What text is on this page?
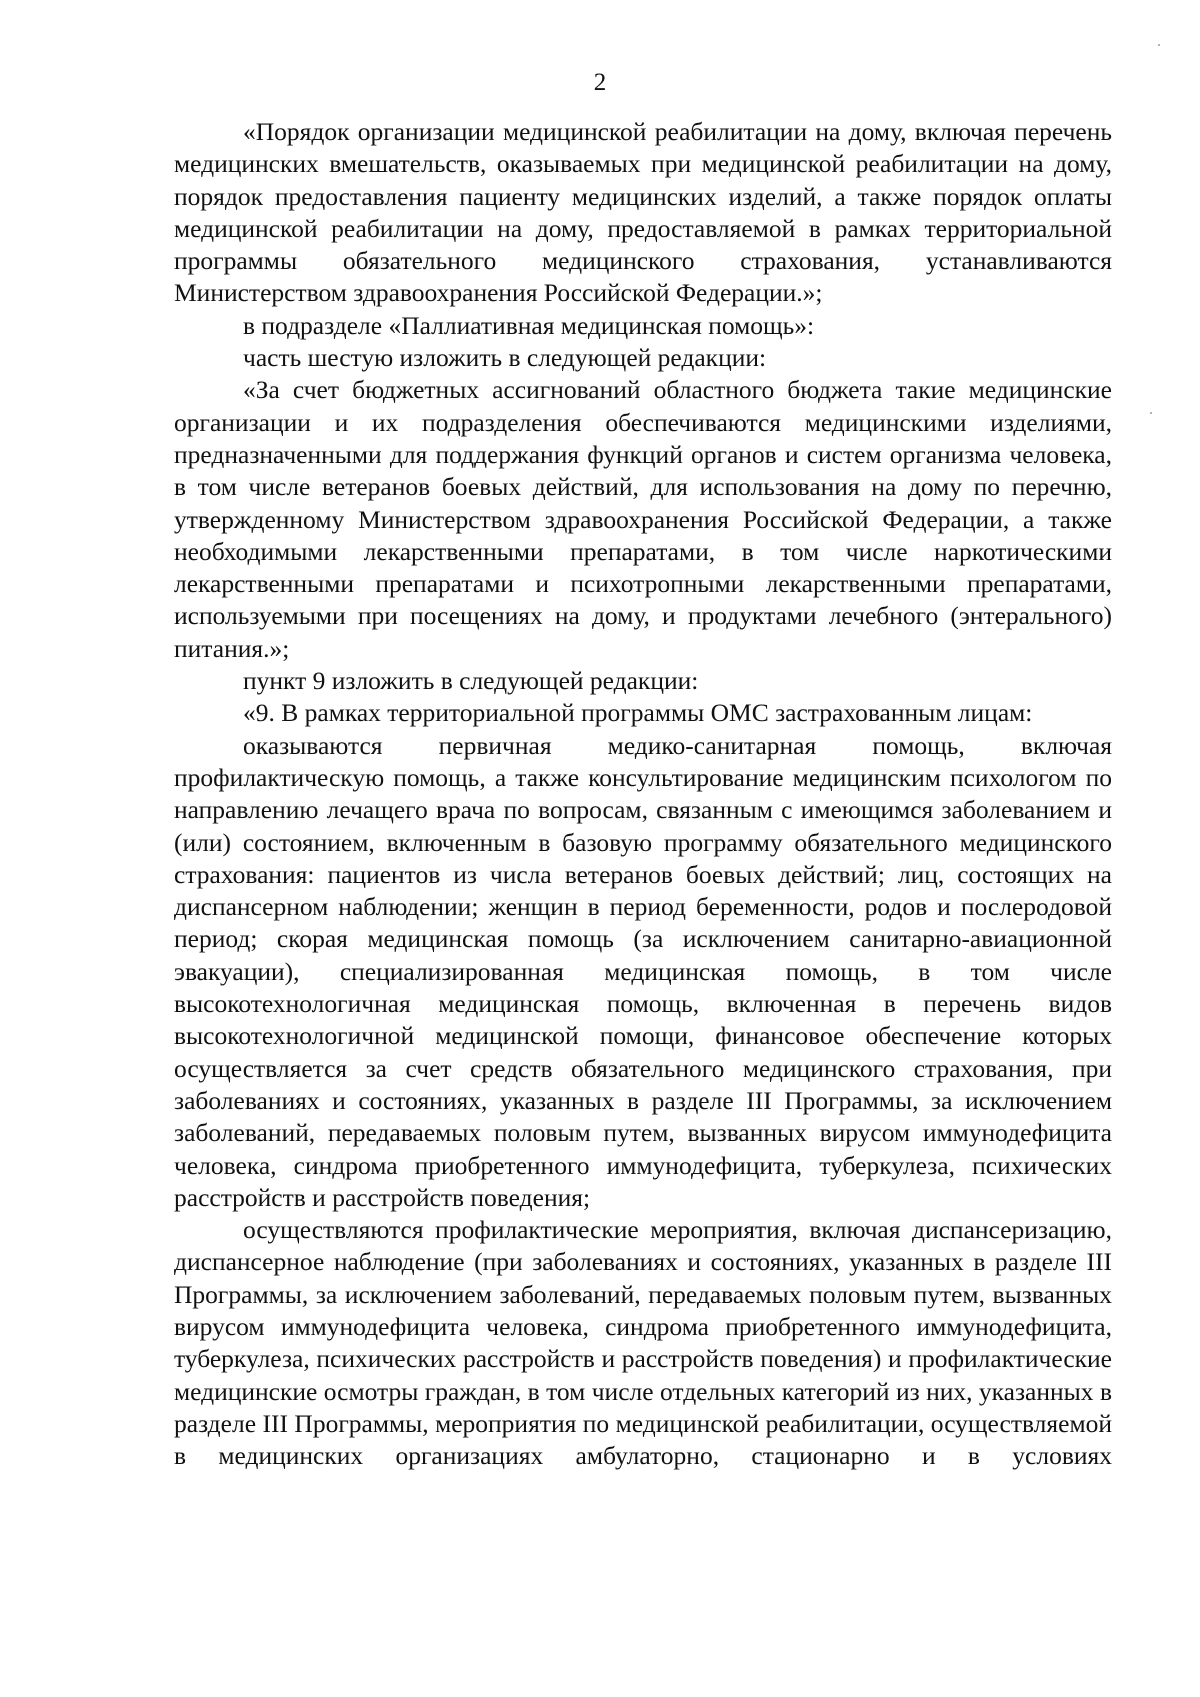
2

«Порядок организации медицинской реабилитации на дому, включая перечень медицинских вмешательств, оказываемых при медицинской реабилитации на дому, порядок предоставления пациенту медицинских изделий, а также порядок оплаты медицинской реабилитации на дому, предоставляемой в рамках территориальной программы обязательного медицинского страхования, устанавливаются Министерством здравоохранения Российской Федерации.»;

в подразделе «Паллиативная медицинская помощь»:

часть шестую изложить в следующей редакции:

«За счет бюджетных ассигнований областного бюджета такие медицинские организации и их подразделения обеспечиваются медицинскими изделиями, предназначенными для поддержания функций органов и систем организма человека, в том числе ветеранов боевых действий, для использования на дому по перечню, утвержденному Министерством здравоохранения Российской Федерации, а также необходимыми лекарственными препаратами, в том числе наркотическими лекарственными препаратами и психотропными лекарственными препаратами, используемыми при посещениях на дому, и продуктами лечебного (энтерального) питания.»;

пункт 9 изложить в следующей редакции:

«9. В рамках территориальной программы ОМС застрахованным лицам:

оказываются первичная медико-санитарная помощь, включая профилактическую помощь, а также консультирование медицинским психологом по направлению лечащего врача по вопросам, связанным с имеющимся заболеванием и (или) состоянием, включенным в базовую программу обязательного медицинского страхования: пациентов из числа ветеранов боевых действий; лиц, состоящих на диспансерном наблюдении; женщин в период беременности, родов и послеродовой период; скорая медицинская помощь (за исключением санитарно-авиационной эвакуации), специализированная медицинская помощь, в том числе высокотехнологичная медицинская помощь, включенная в перечень видов высокотехнологичной медицинской помощи, финансовое обеспечение которых осуществляется за счет средств обязательного медицинского страхования, при заболеваниях и состояниях, указанных в разделе III Программы, за исключением заболеваний, передаваемых половым путем, вызванных вирусом иммунодефицита человека, синдрома приобретенного иммунодефицита, туберкулеза, психических расстройств и расстройств поведения;

осуществляются профилактические мероприятия, включая диспансеризацию, диспансерное наблюдение (при заболеваниях и состояниях, указанных в разделе III Программы, за исключением заболеваний, передаваемых половым путем, вызванных вирусом иммунодефицита человека, синдрома приобретенного иммунодефицита, туберкулеза, психических расстройств и расстройств поведения) и профилактические медицинские осмотры граждан, в том числе отдельных категорий из них, указанных в разделе III Программы, мероприятия по медицинской реабилитации, осуществляемой в медицинских организациях амбулаторно, стационарно и в условиях
